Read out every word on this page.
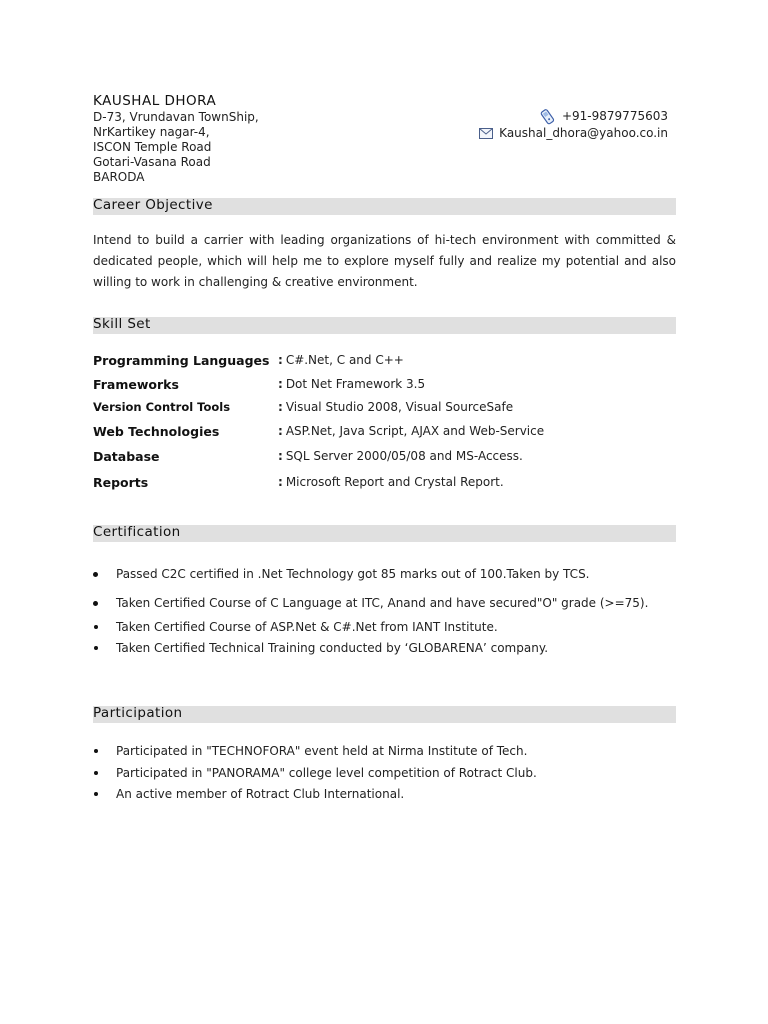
KAUSHAL DHORA
D-73, Vrundavan TownShip,
NrKartikey nagar-4,
ISCON Temple Road
Gotari-Vasana Road
BARODA
+91-9879775603
Kaushal_dhora@yahoo.co.in
Career Objective
Intend to build a carrier with leading organizations of hi-tech environment with committed & dedicated people, which will help me to explore myself fully and realize my potential and also willing to work in challenging & creative environment.
Skill Set
Programming Languages : C#.Net, C and C++
Frameworks	: Dot Net Framework 3.5
Version Control Tools	: Visual Studio 2008, Visual SourceSafe
Web Technologies	: ASP.Net, Java Script, AJAX and Web-Service
Database	: SQL Server 2000/05/08 and MS-Access.
Reports	: Microsoft Report and Crystal Report.
Certification
Passed C2C certified in .Net Technology got 85 marks out of 100.Taken by TCS.
Taken Certified Course of C Language at ITC, Anand and have secured"O" grade (>=75).
Taken Certified Course of ASP.Net & C#.Net from IANT Institute.
Taken Certified Technical Training conducted by ‘GLOBARENA’ company.
Participation
Participated in "TECHNOFORA" event held at Nirma Institute of Tech.
Participated in "PANORAMA" college level competition of Rotract Club.
An active member of Rotract Club International.
